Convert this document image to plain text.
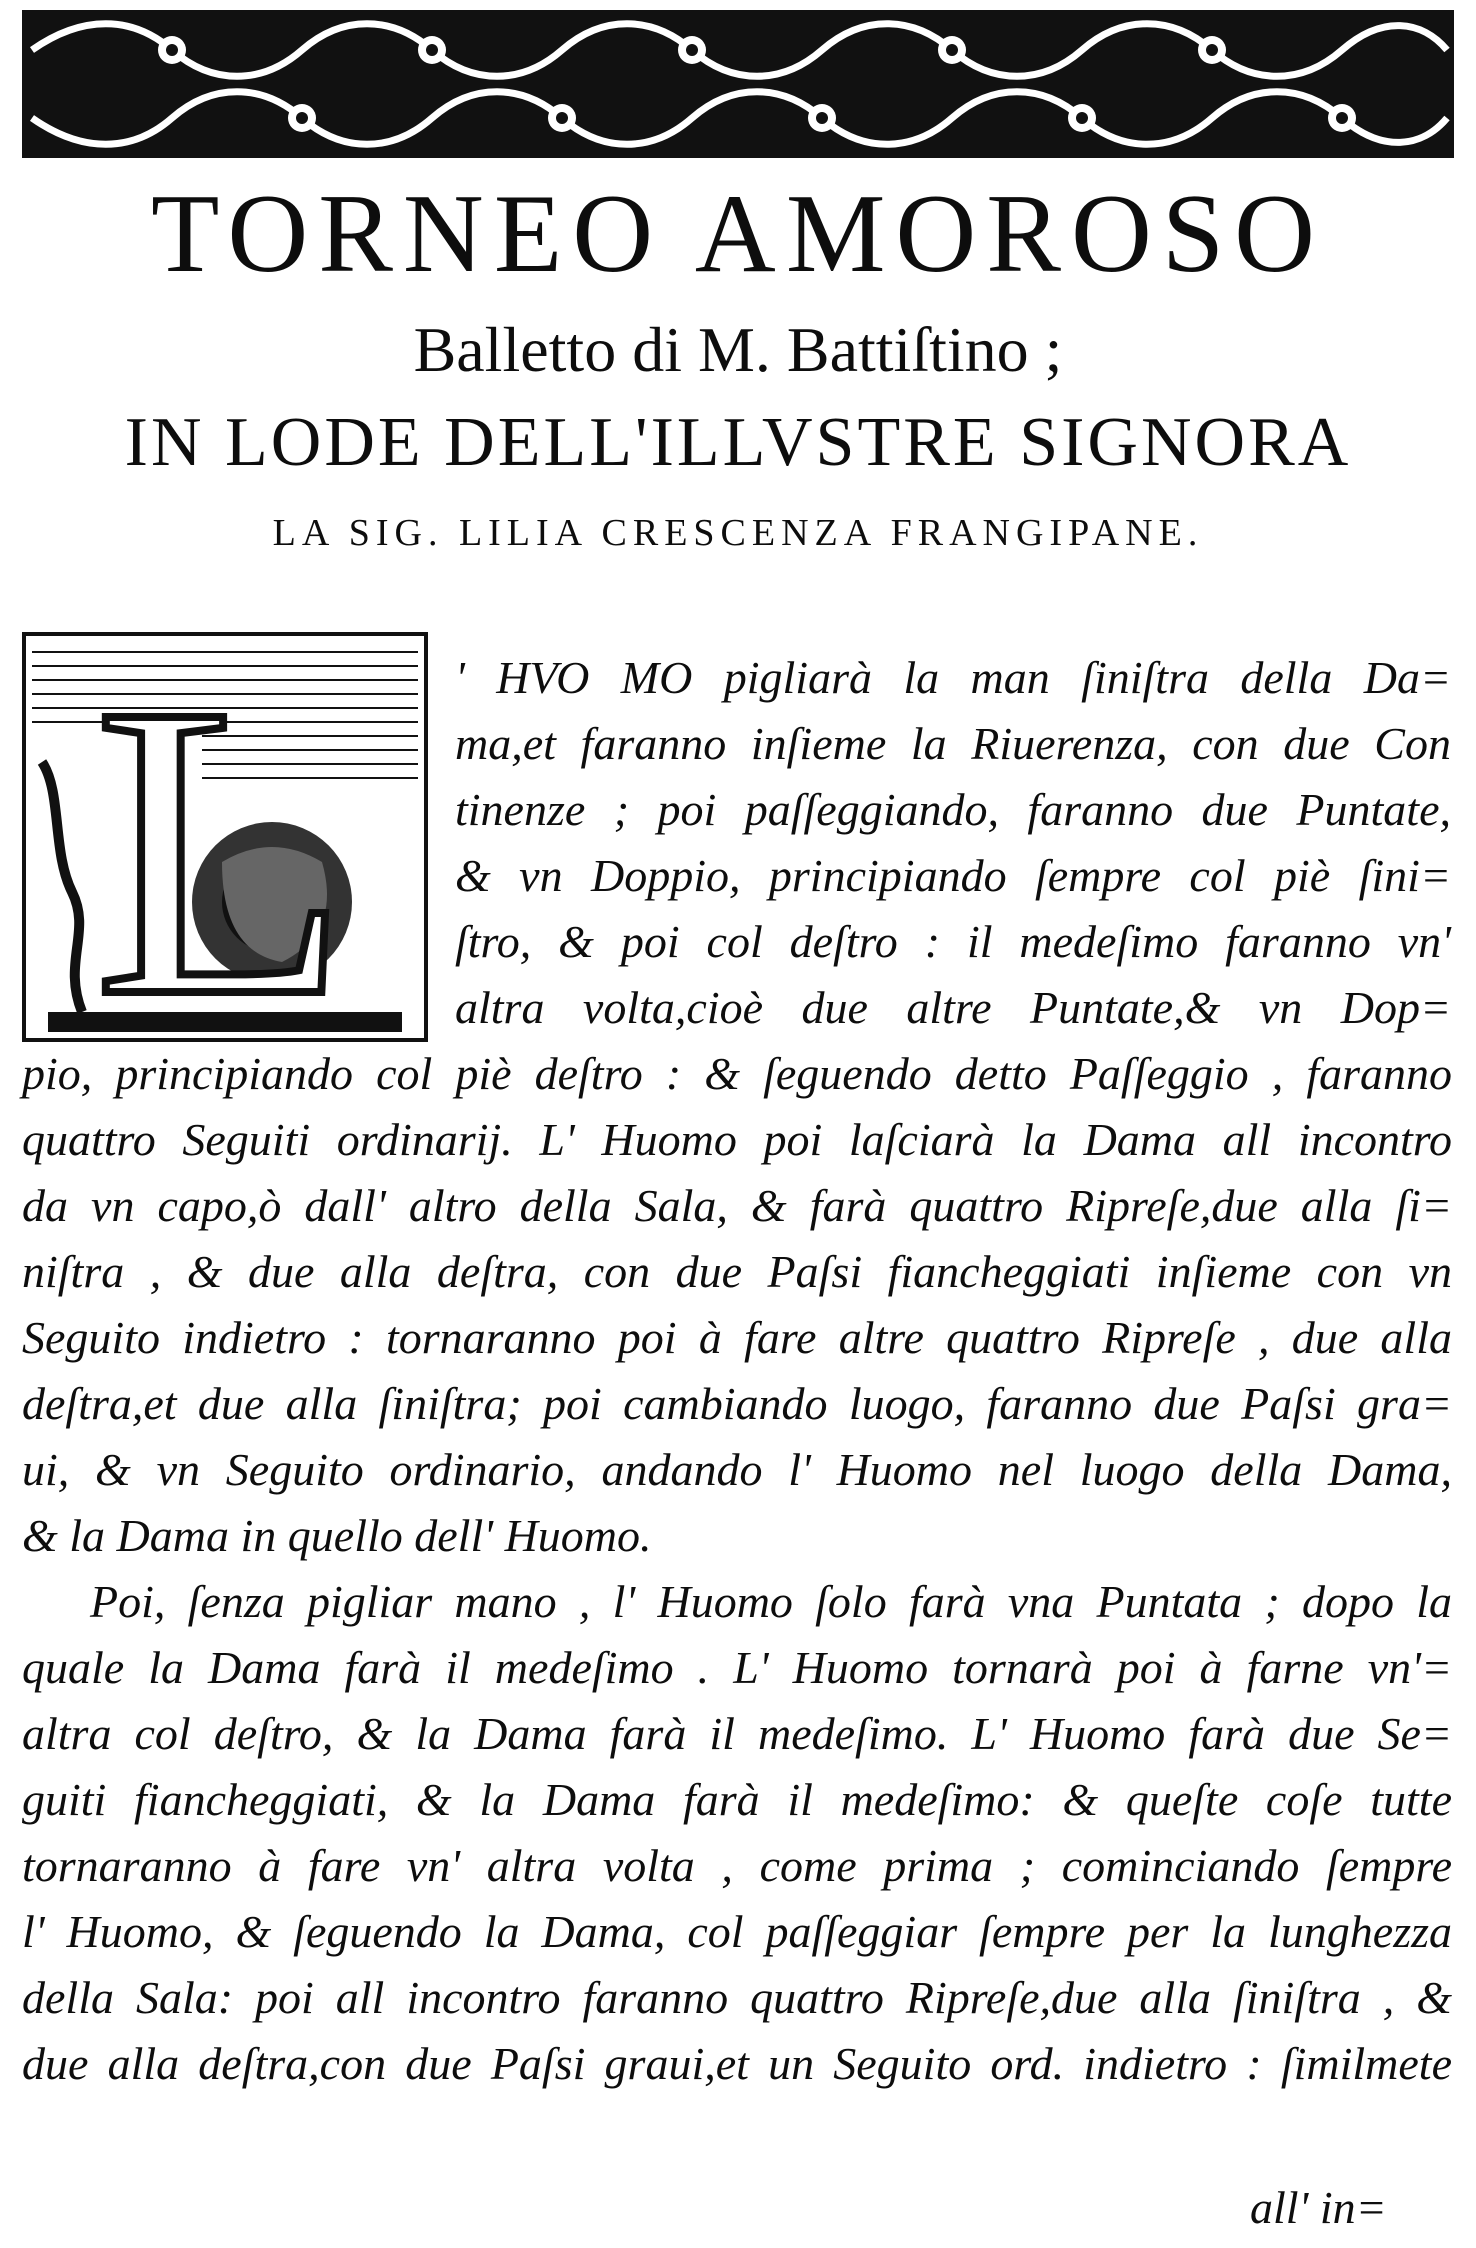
TORNEO AMOROSO
Balletto di M. Battiſtino ;
IN LODE DELL'ILLVSTRE SIGNORA
LA SIG. LILIA CRESCENZA FRANGIPANE.
L ' HVO MO pigliarà la man ſiniſtra della Da=
ma,et faranno inſieme la Riuerenza, con due Con
tinenze ; poi paſſeggiando, faranno due Puntate,
& vn Doppio, principiando ſempre col piè ſini=
ſtro, & poi col deſtro : il medeſimo faranno vn'
altra volta,cioè due altre Puntate,& vn Dop=
pio, principiando col piè deſtro : & ſeguendo detto Paſſeggio , faranno
quattro Seguiti ordinarij. L' Huomo poi laſciarà la Dama all incontro
da vn capo,ò dall' altro della Sala, & farà quattro Ripreſe,due alla ſi=
niſtra , & due alla deſtra, con due Paſsi fiancheggiati inſieme con vn
Seguito indietro : tornaranno poi à fare altre quattro Ripreſe , due alla
deſtra,et due alla ſiniſtra; poi cambiando luogo, faranno due Paſsi gra=
ui, & vn Seguito ordinario, andando l' Huomo nel luogo della Dama,
& la Dama in quello dell' Huomo.
Poi, ſenza pigliar mano , l' Huomo ſolo farà vna Puntata ; dopo la
quale la Dama farà il medeſimo . L' Huomo tornarà poi à farne vn'=
altra col deſtro, & la Dama farà il medeſimo. L' Huomo farà due Se=
guiti fiancheggiati, & la Dama farà il medeſimo: & queſte coſe tutte
tornaranno à fare vn' altra volta , come prima ; cominciando ſempre
l' Huomo, & ſeguendo la Dama, col paſſeggiar ſempre per la lunghezza
della Sala: poi all incontro faranno quattro Ripreſe,due alla ſiniſtra , &
due alla deſtra,con due Paſsi graui,et un Seguito ord. indietro : ſimilmete
all' in=
